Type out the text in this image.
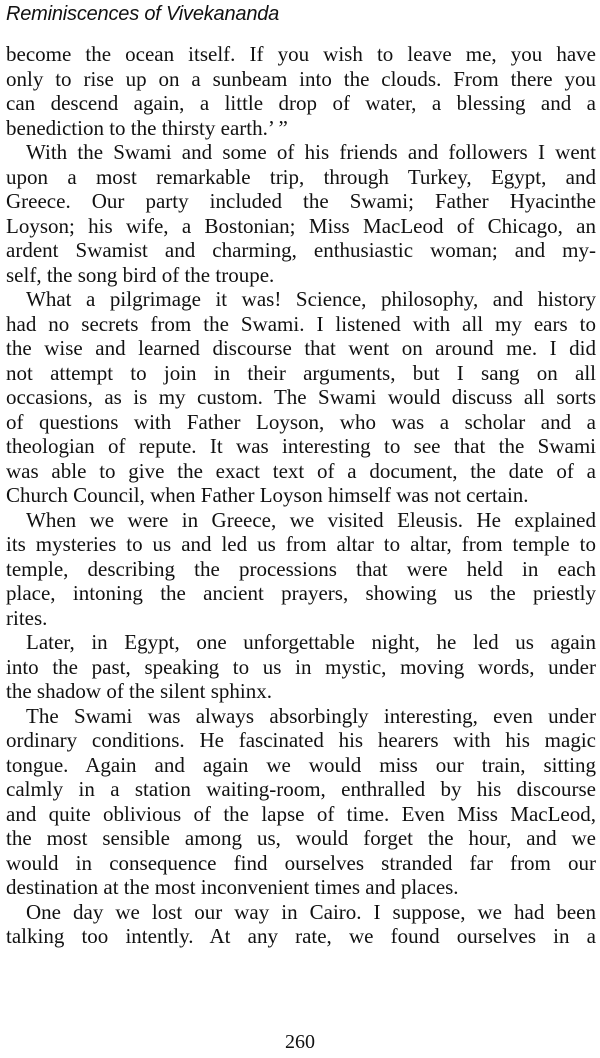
Reminiscences of Vivekananda
become the ocean itself. If you wish to leave me, you have
only to rise up on a sunbeam into the clouds. From there you
can descend again, a little drop of water, a blessing and a
benediction to the thirsty earth.’ ”
With the Swami and some of his friends and followers I went
upon a most remarkable trip, through Turkey, Egypt, and
Greece. Our party included the Swami; Father Hyacinthe
Loyson; his wife, a Bostonian; Miss MacLeod of Chicago, an
ardent Swamist and charming, enthusiastic woman; and my-
self, the song bird of the troupe.
What a pilgrimage it was! Science, philosophy, and history
had no secrets from the Swami. I listened with all my ears to
the wise and learned discourse that went on around me. I did
not attempt to join in their arguments, but I sang on all
occasions, as is my custom. The Swami would discuss all sorts
of questions with Father Loyson, who was a scholar and a
theologian of repute. It was interesting to see that the Swami
was able to give the exact text of a document, the date of a
Church Council, when Father Loyson himself was not certain.
When we were in Greece, we visited Eleusis. He explained
its mysteries to us and led us from altar to altar, from temple to
temple, describing the processions that were held in each
place, intoning the ancient prayers, showing us the priestly
rites.
Later, in Egypt, one unforgettable night, he led us again
into the past, speaking to us in mystic, moving words, under
the shadow of the silent sphinx.
The Swami was always absorbingly interesting, even under
ordinary conditions. He fascinated his hearers with his magic
tongue. Again and again we would miss our train, sitting
calmly in a station waiting-room, enthralled by his discourse
and quite oblivious of the lapse of time. Even Miss MacLeod,
the most sensible among us, would forget the hour, and we
would in consequence find ourselves stranded far from our
destination at the most inconvenient times and places.
One day we lost our way in Cairo. I suppose, we had been
talking too intently. At any rate, we found ourselves in a
260
